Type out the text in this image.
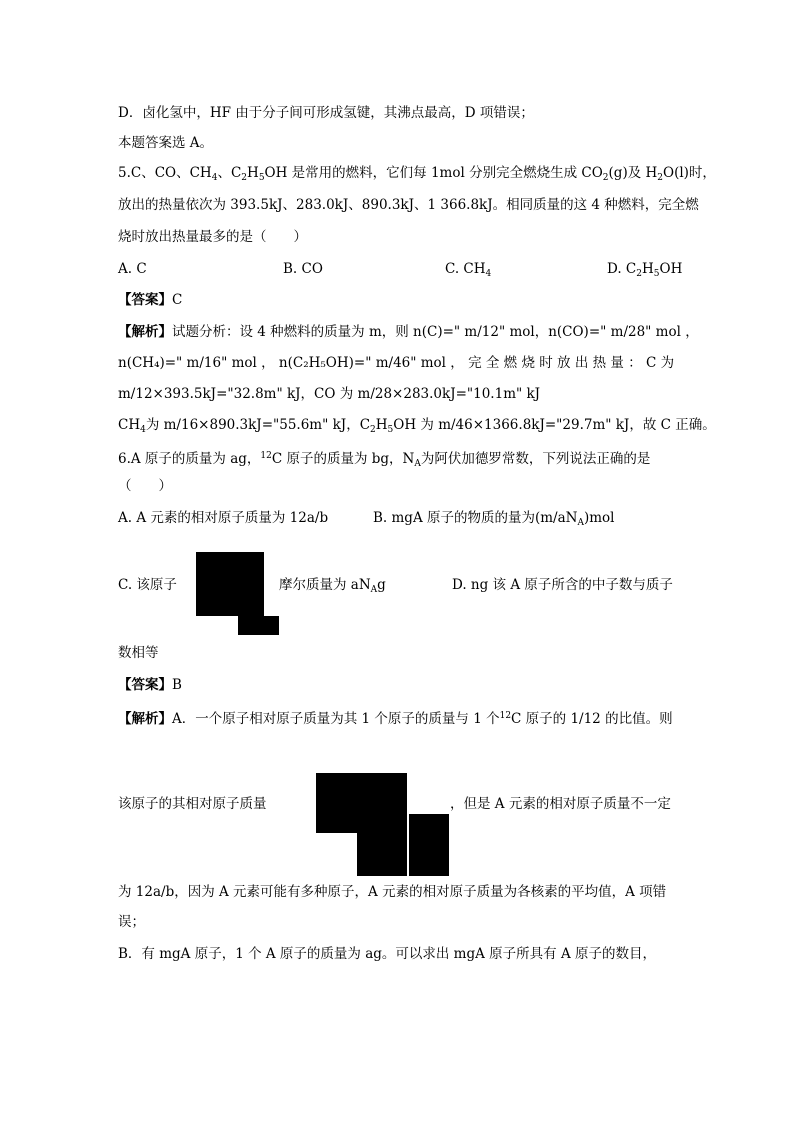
D．卤化氢中，HF 由于分子间可形成氢键，其沸点最高，D 项错误；
本题答案选 A。
5.C、CO、$CH_4$、$C_2H_5OH$ 是常用的燃料，它们每 1mol 分别完全燃烧生成 $CO_2(g)$及 $H_2O(l)$时，
放出的热量依次为 393.5kJ、283.0kJ、890.3kJ、1 366.8kJ。相同质量的这 4 种燃料，完全燃
烧时放出热量最多的是（　　）
A. C	B. CO	C. $CH_4$	D. $C_2H_5OH$
【答案】C
【解析】试题分析：设 4 种燃料的质量为 m，则 n(C)=" m/12" mol，n(CO)=" m/28" mol ，
n(CH₄)=" m/16" mol ， n(C₂H₅OH)=" m/46" mol ， 完 全 燃 烧 时 放 出 热 量 ： C 为
m/12×393.5kJ="32.8m" kJ，CO 为 m/28×283.0kJ="10.1m" kJ
$CH_4$为 m/16×890.3kJ="55.6m" kJ，$C_2H_5OH$ 为 m/46×1366.8kJ="29.7m" kJ，故 C 正确。
6.A 原子的质量为 ag，$^{12}$C 原子的质量为 bg，$N_A$为阿伏加德罗常数，下列说法正确的是
（　　）
A. A 元素的相对原子质量为 12a/b	B. mgA 原子的物质的量为$(m/aN_A)mol$
C. 该原子	摩尔质量为 $aN_Ag$	D. ng 该 A 原子所含的中子数与质子
数相等
【答案】B
【解析】A．一个原子相对原子质量为其 1 个原子的质量与 1 个$^{12}$C 原子的 1/12 的比值。则
该原子的其相对原子质量	，但是 A 元素的相对原子质量不一定
为 12a/b，因为 A 元素可能有多种原子，A 元素的相对原子质量为各核素的平均值，A 项错
误；
B．有 mgA 原子，1 个 A 原子的质量为 ag。可以求出 mgA 原子所具有 A 原子的数目，
